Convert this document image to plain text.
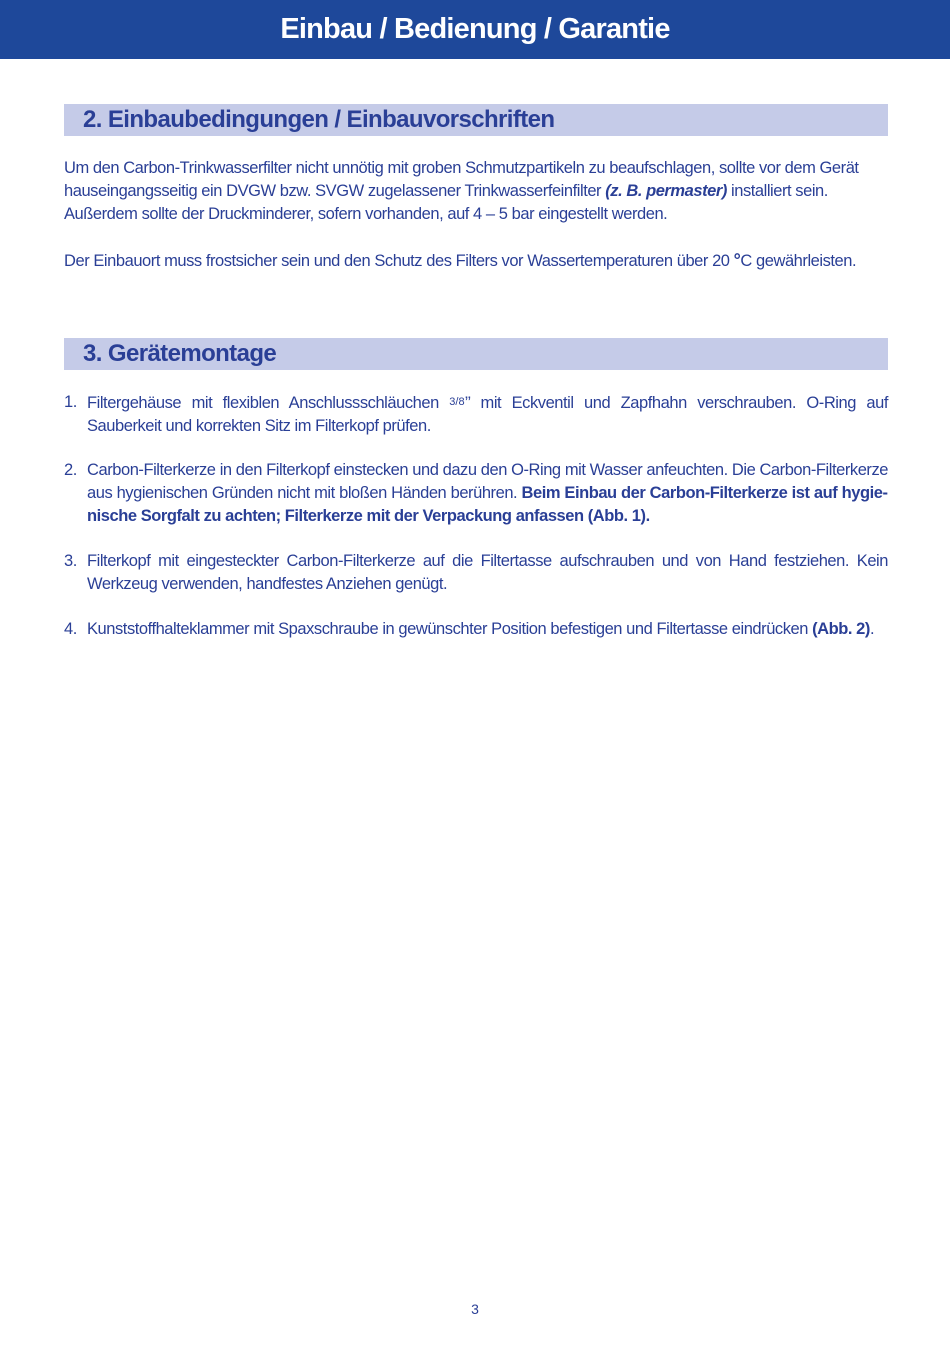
Einbau / Bedienung / Garantie
2. Einbaubedingungen / Einbauvorschriften

Um den Carbon-Trinkwasserfilter nicht unnötig mit groben Schmutzpartikeln zu beaufschlagen, sollte vor dem Gerät hauseingangsseitig ein DVGW bzw. SVGW zugelassener Trinkwasserfeinfilter (z. B. permaster) installiert sein.
Außerdem sollte der Druckminderer, sofern vorhanden, auf 4 – 5 bar eingestellt werden.

Der Einbauort muss frostsicher sein und den Schutz des Filters vor Wassertemperaturen über 20 °C gewährleisten.

3. Gerätemontage
1. Filtergehäuse mit flexiblen Anschlussschläuchen 3/8’’ mit Eckventil und Zapfhahn verschrauben. O-Ring auf Sauberkeit und korrekten Sitz im Filterkopf prüfen.
2. Carbon-Filterkerze in den Filterkopf einstecken und dazu den O-Ring mit Wasser anfeuchten. Die Carbon-Filterkerze aus hygienischen Gründen nicht mit bloßen Händen berühren. Beim Einbau der Carbon-Filterkerze ist auf hygienische Sorgfalt zu achten; Filterkerze mit der Verpackung anfassen (Abb. 1).
3. Filterkopf mit eingesteckter Carbon-Filterkerze auf die Filtertasse aufschrauben und von Hand festziehen. Kein Werkzeug verwenden, handfestes Anziehen genügt.
4. Kunststoffhalteklammer mit Spaxschraube in gewünschter Position befestigen und Filtertasse eindrücken (Abb. 2).
3
